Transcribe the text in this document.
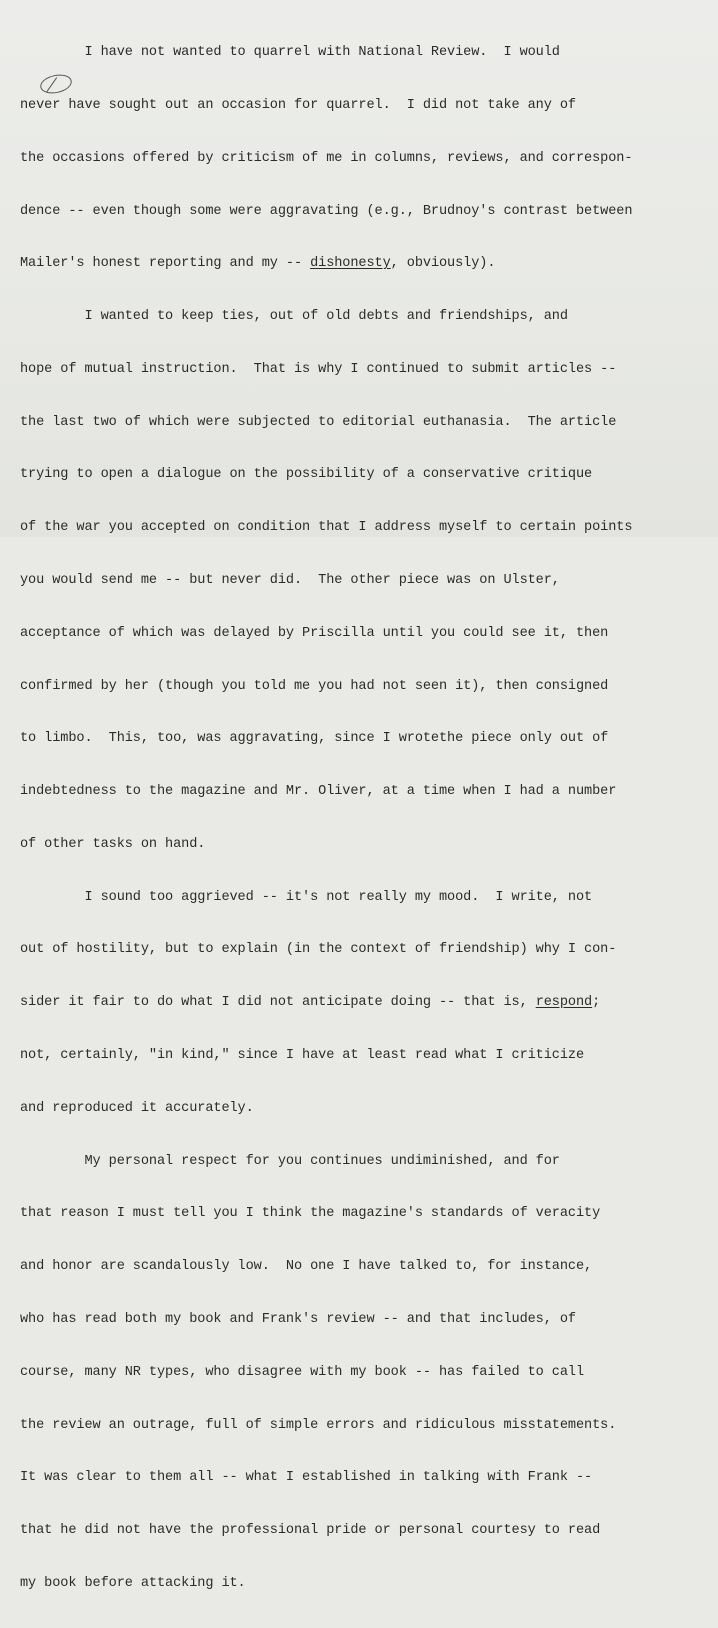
I have not wanted to quarrel with National Review.  I would

never have sought out an occasion for quarrel.  I did not take any of

the occasions offered by criticism of me in columns, reviews, and correspon-

dence -- even though some were aggravating (e.g., Brudnoy's contrast between

Mailer's honest reporting and my -- dishonesty, obviously).

I wanted to keep ties, out of old debts and friendships, and

hope of mutual instruction.  That is why I continued to submit articles --

the last two of which were subjected to editorial euthanasia.  The article

trying to open a dialogue on the possibility of a conservative critique

of the war you accepted on condition that I address myself to certain points

you would send me -- but never did.  The other piece was on Ulster,

acceptance of which was delayed by Priscilla until you could see it, then

confirmed by her (though you told me you had not seen it), then consigned

to limbo.  This, too, was aggravating, since I wrotethe piece only out of

indebtedness to the magazine and Mr. Oliver, at a time when I had a number

of other tasks on hand.

I sound too aggrieved -- it's not really my mood.  I write, not

out of hostility, but to explain (in the context of friendship) why I con-

sider it fair to do what I did not anticipate doing -- that is, respond;

not, certainly, "in kind," since I have at least read what I criticize

and reproduced it accurately.

My personal respect for you continues undiminished, and for

that reason I must tell you I think the magazine's standards of veracity

and honor are scandalously low.  No one I have talked to, for instance,

who has read both my book and Frank's review -- and that includes, of

course, many NR types, who disagree with my book -- has failed to call

the review an outrage, full of simple errors and ridiculous misstatements.

It was clear to them all -- what I established in talking with Frank --

that he did not have the professional pride or personal courtesy to read

my book before attacking it.
